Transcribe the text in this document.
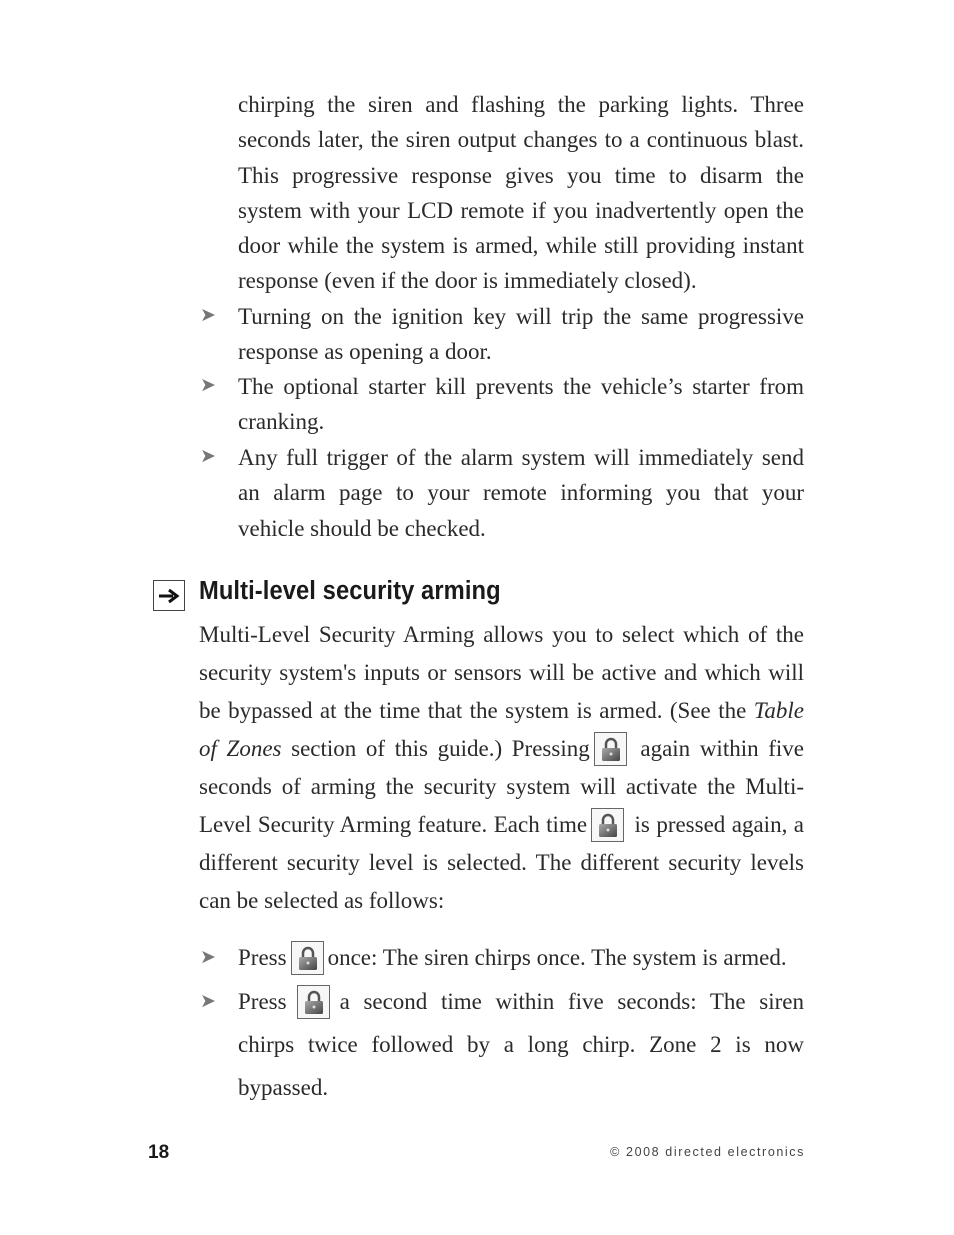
chirping the siren and flashing the parking lights. Three seconds later, the siren output changes to a continuous blast. This progressive response gives you time to disarm the system with your LCD remote if you inadvertently open the door while the system is armed, while still providing instant response (even if the door is immediately closed).
➤ Turning on the ignition key will trip the same progressive response as opening a door.
➤ The optional starter kill prevents the vehicle’s starter from cranking.
➤ Any full trigger of the alarm system will immediately send an alarm page to your remote informing you that your vehicle should be checked.
Multi-level security arming
Multi-Level Security Arming allows you to select which of the security system's inputs or sensors will be active and which will be bypassed at the time that the system is armed. (See the Table of Zones section of this guide.) Pressing
again within five seconds of arming the security system will activate the Multi-Level Security Arming feature. Each time
is pressed again, a different security level is selected. The different security levels can be selected as follows:
➤ Press once: The siren chirps once. The system is armed.
➤ Press a second time within five seconds: The siren chirps twice followed by a long chirp. Zone 2 is now bypassed.
18	© 2008 directed electronics
